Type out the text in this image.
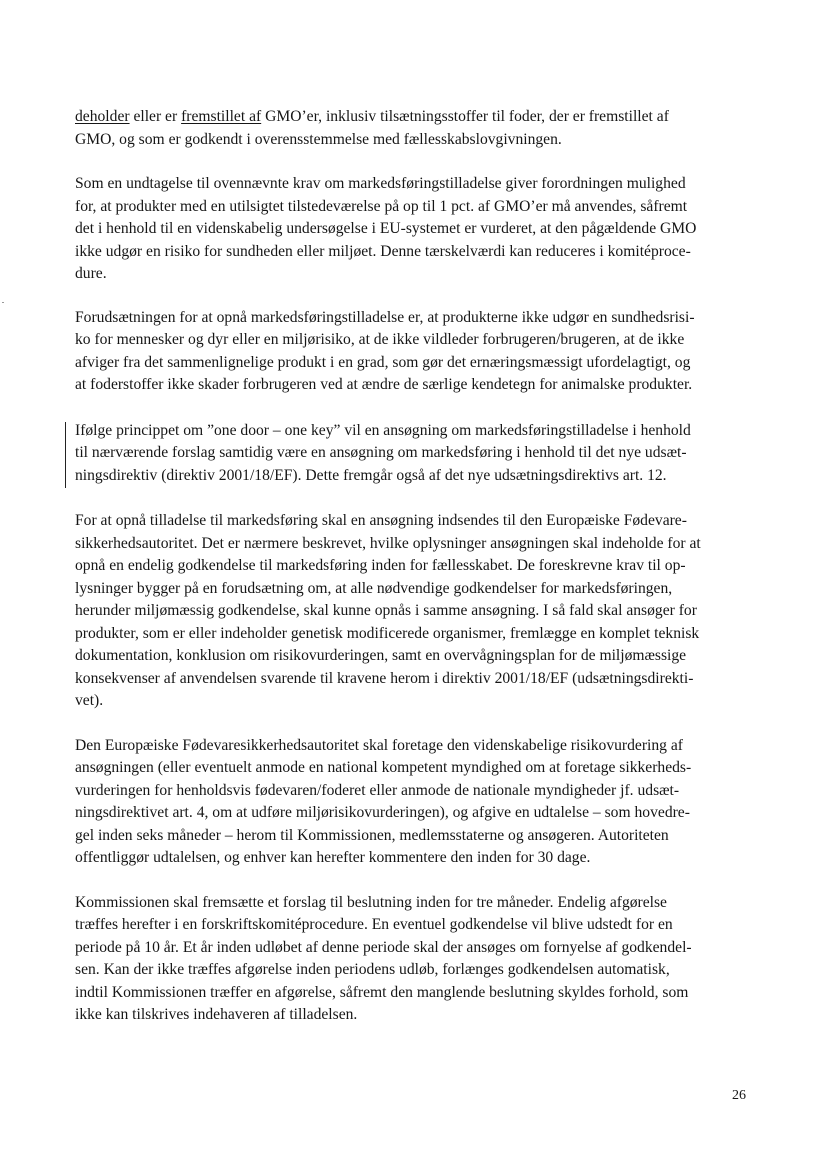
deholder eller er fremstillet af GMO’er, inklusiv tilsætningsstoffer til foder, der er fremstillet af
GMO, og som er godkendt i overensstemmelse med fællesskabslovgivningen.

Som en undtagelse til ovennævnte krav om markedsføringstilladelse giver forordningen mulighed
for, at produkter med en utilsigtet tilstedeværelse på op til 1 pct. af GMO’er må anvendes, såfremt
det i henhold til en videnskabelig undersøgelse i EU-systemet er vurderet, at den pågældende GMO
ikke udgør en risiko for sundheden eller miljøet. Denne tærskelværdi kan reduceres i komitéproce-
dure.

Forudsætningen for at opnå markedsføringstilladelse er, at produkterne ikke udgør en sundhedsrisi-
ko for mennesker og dyr eller en miljørisiko, at de ikke vildleder forbrugeren/brugeren, at de ikke
afviger fra det sammenlignelige produkt i en grad, som gør det ernæringsmæssigt ufordelagtigt, og
at foderstoffer ikke skader forbrugeren ved at ændre de særlige kendetegn for animalske produkter.

Ifølge princippet om ”one door – one key” vil en ansøgning om markedsføringstilladelse i henhold
til nærværende forslag samtidig være en ansøgning om markedsføring i henhold til det nye udsæt-
ningsdirektiv (direktiv 2001/18/EF). Dette fremgår også af det nye udsætningsdirektivs art. 12.

For at opnå tilladelse til markedsføring skal en ansøgning indsendes til den Europæiske Fødevare-
sikkerhedsautoritet. Det er nærmere beskrevet, hvilke oplysninger ansøgningen skal indeholde for at
opnå en endelig godkendelse til markedsføring inden for fællesskabet. De foreskrevne krav til op-
lysninger bygger på en forudsætning om, at alle nødvendige godkendelser for markedsføringen,
herunder miljømæssig godkendelse, skal kunne opnås i samme ansøgning. I så fald skal ansøger for
produkter, som er eller indeholder genetisk modificerede organismer, fremlægge en komplet teknisk
dokumentation, konklusion om risikovurderingen, samt en overvågningsplan for de miljømæssige
konsekvenser af anvendelsen svarende til kravene herom i direktiv 2001/18/EF (udsætningsdirekti-
vet).

Den Europæiske Fødevaresikkerhedsautoritet skal foretage den videnskabelige risikovurdering af
ansøgningen (eller eventuelt anmode en national kompetent myndighed om at foretage sikkerheds-
vurderingen for henholdsvis fødevaren/foderet eller anmode de nationale myndigheder jf. udsæt-
ningsdirektivet art. 4, om at udføre miljørisikovurderingen), og afgive en udtalelse – som hovedre-
gel inden seks måneder – herom til Kommissionen, medlemsstaterne og ansøgeren. Autoriteten
offentliggør udtalelsen, og enhver kan herefter kommentere den inden for 30 dage.

Kommissionen skal fremsætte et forslag til beslutning inden for tre måneder. Endelig afgørelse
træffes herefter i en forskriftskomitéprocedure. En eventuel godkendelse vil blive udstedt for en
periode på 10 år. Et år inden udløbet af denne periode skal der ansøges om fornyelse af godkendel-
sen. Kan der ikke træffes afgørelse inden periodens udløb, forlænges godkendelsen automatisk,
indtil Kommissionen træffer en afgørelse, såfremt den manglende beslutning skyldes forhold, som
ikke kan tilskrives indehaveren af tilladelsen.

26
